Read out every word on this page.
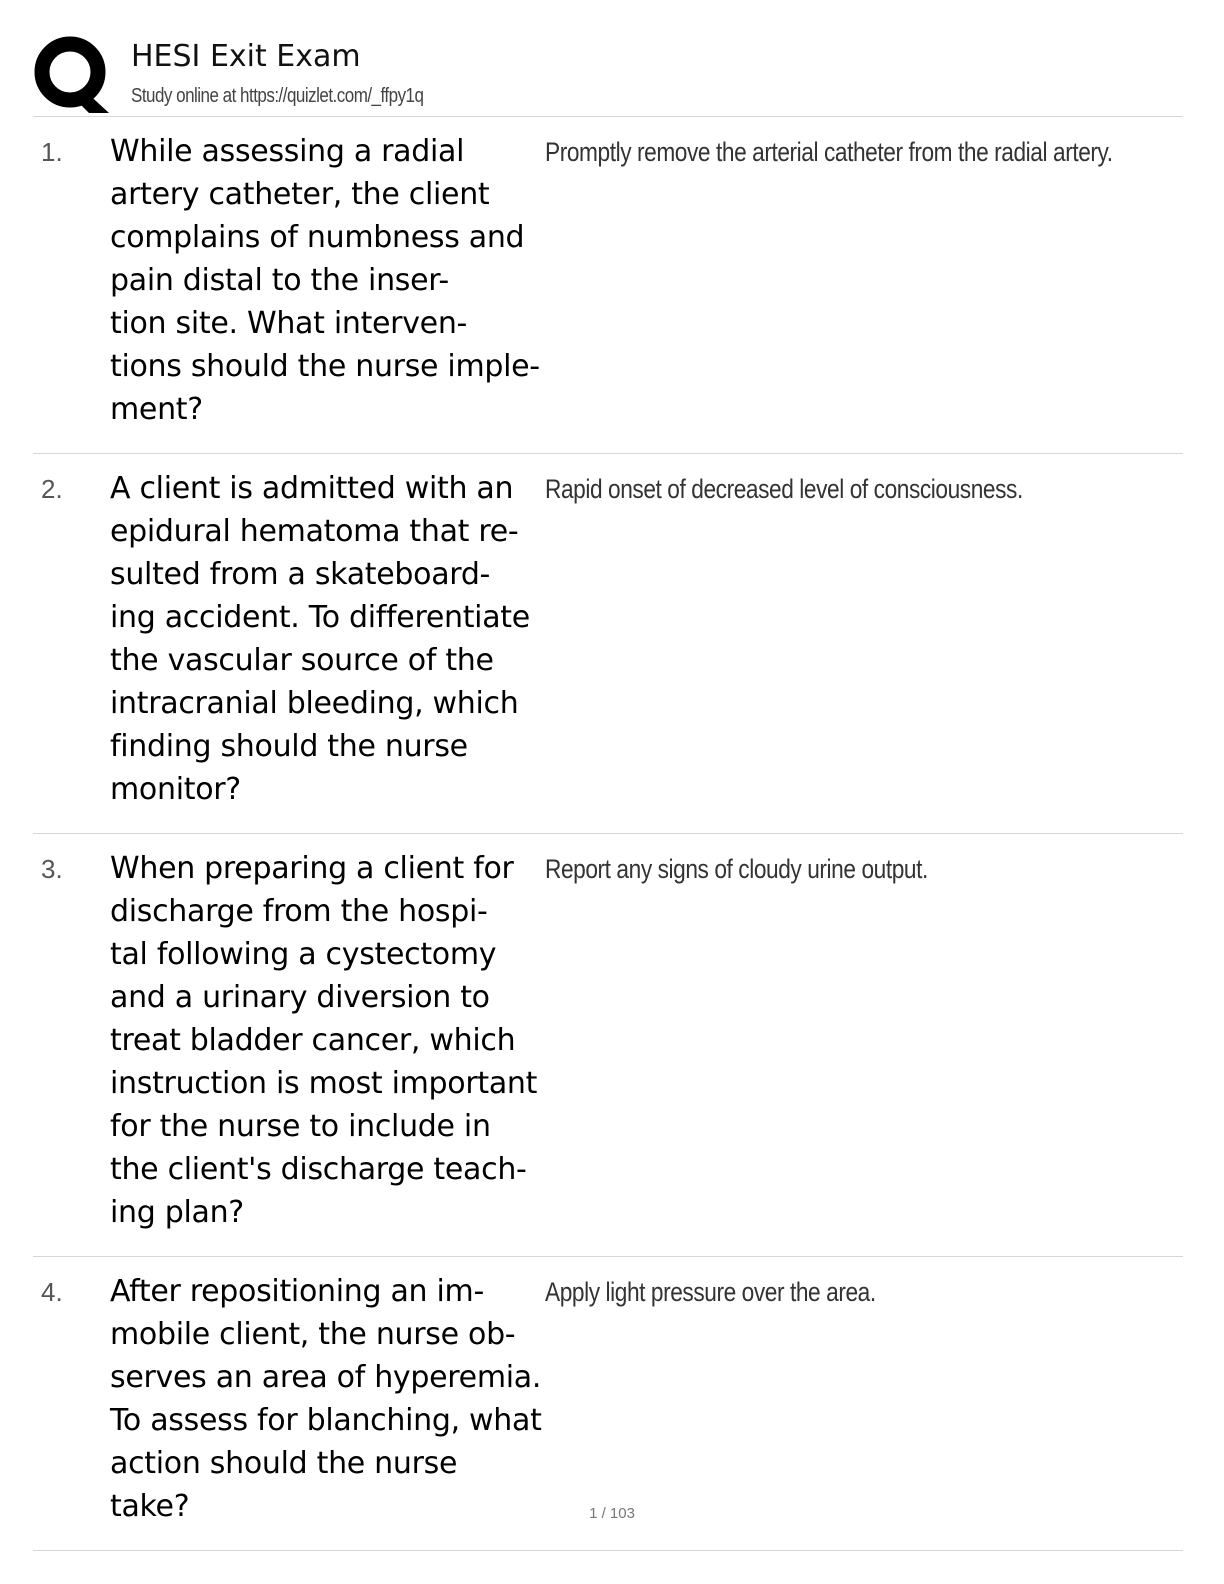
HESI Exit Exam
Study online at https://quizlet.com/_ffpy1q
1. While assessing a radial
artery catheter, the client
complains of numbness and
pain distal to the inser-
tion site. What interven-
tions should the nurse imple-
ment?
Promptly remove the arterial catheter from the radial artery.
2. A client is admitted with an
epidural hematoma that re-
sulted from a skateboard-
ing accident. To differentiate
the vascular source of the
intracranial bleeding, which
finding should the nurse
monitor?
Rapid onset of decreased level of consciousness.
3. When preparing a client for
discharge from the hospi-
tal following a cystectomy
and a urinary diversion to
treat bladder cancer, which
instruction is most important
for the nurse to include in
the client's discharge teach-
ing plan?
Report any signs of cloudy urine output.
4. After repositioning an im-
mobile client, the nurse ob-
serves an area of hyperemia.
To assess for blanching, what
action should the nurse take?
Apply light pressure over the area.
1 / 103
